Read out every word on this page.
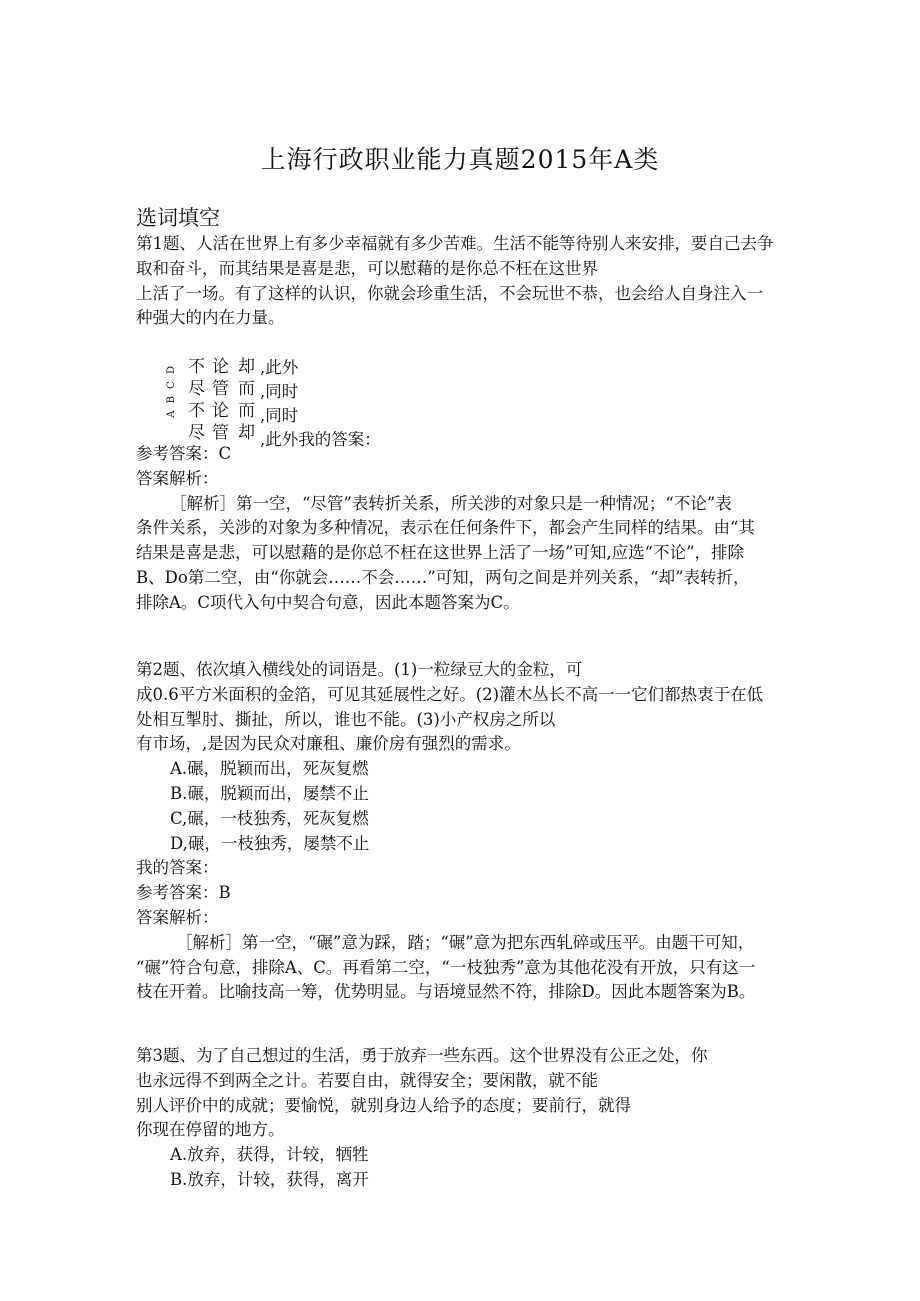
上海行政职业能力真题2015年A类
选词填空

第1题、人活在世界上有多少幸福就有多少苦难。生活不能等待别人来安排，要自己去争

取和奋斗，而其结果是喜是悲，可以慰藉的是你总不枉在这世界

上活了一场。有了这样的认识，你就会珍重生活，不会玩世不恭，也会给人自身注入一

种强大的内在力量。

A B C D 不
尽
不
尽
论
管
论
管
却
而
而
却
,此外
,同时
,同时
,此外我的答案：

参考答案：C

答案解析：

［解析］第一空，“尽管”表转折关系，所关涉的对象只是一种情况；“不论”表

条件关系，关涉的对象为多种情况，表示在任何条件下，都会产生同样的结果。由“其

结果是喜是悲，可以慰藉的是你总不枉在这世界上活了一场”可知,应选“不论”，排除

B、Do第二空，由“你就会……不会……”可知，两句之间是并列关系，“却”表转折，

排除A。C项代入句中契合句意，因此本题答案为C。

第2题、依次填入横线处的词语是。(1)一粒绿豆大的金粒，可

成0.6平方米面积的金箔，可见其延展性之好。(2)灌木丛长不高一一它们都热衷于在低

处相互掣肘、撕扯，所以，谁也不能。(3)小产权房之所以

有市场，,是因为民众对廉租、廉价房有强烈的需求。

A.碾，脱颖而出，死灰复燃

B.碾，脱颖而出，屡禁不止

C,碾，一枝独秀，死灰复燃

D,碾，一枝独秀，屡禁不止

我的答案：

参考答案：B

答案解析：

［解析］第一空，“碾”意为踩，踏；“碾”意为把东西轧碎或压平。由题干可知，

“碾”符合句意，排除A、C。再看第二空，“一枝独秀”意为其他花没有开放，只有这一

枝在开着。比喻技高一筹，优势明显。与语境显然不符，排除D。因此本题答案为B。

第3题、为了自己想过的生活，勇于放弃一些东西。这个世界没有公正之处，你

也永远得不到两全之计。若要自由，就得安全；要闲散，就不能

别人评价中的成就；要愉悦，就别身边人给予的态度；要前行，就得

你现在停留的地方。

A.放弃，获得，计较，牺牲

B.放弃，计较，获得，离开
